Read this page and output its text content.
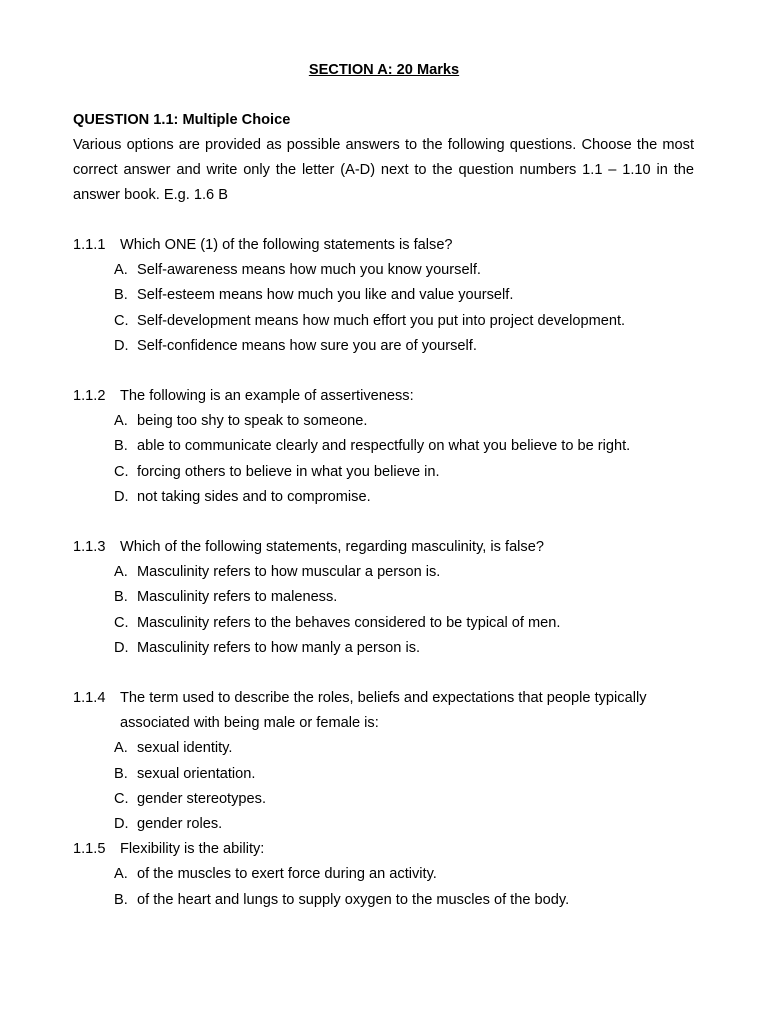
SECTION A: 20 Marks
QUESTION 1.1: Multiple Choice
Various options are provided as possible answers to the following questions. Choose the most correct answer and write only the letter (A-D) next to the question numbers 1.1 – 1.10 in the answer book. E.g. 1.6 B
1.1.1 Which ONE (1) of the following statements is false?
A. Self-awareness means how much you know yourself.
B. Self-esteem means how much you like and value yourself.
C. Self-development means how much effort you put into project development.
D. Self-confidence means how sure you are of yourself.
1.1.2 The following is an example of assertiveness:
A. being too shy to speak to someone.
B. able to communicate clearly and respectfully on what you believe to be right.
C. forcing others to believe in what you believe in.
D. not taking sides and to compromise.
1.1.3 Which of the following statements, regarding masculinity, is false?
A. Masculinity refers to how muscular a person is.
B. Masculinity refers to maleness.
C. Masculinity refers to the behaves considered to be typical of men.
D. Masculinity refers to how manly a person is.
1.1.4 The term used to describe the roles, beliefs and expectations that people typically associated with being male or female is:
A. sexual identity.
B. sexual orientation.
C. gender stereotypes.
D. gender roles.
1.1.5 Flexibility is the ability:
A. of the muscles to exert force during an activity.
B. of the heart and lungs to supply oxygen to the muscles of the body.
